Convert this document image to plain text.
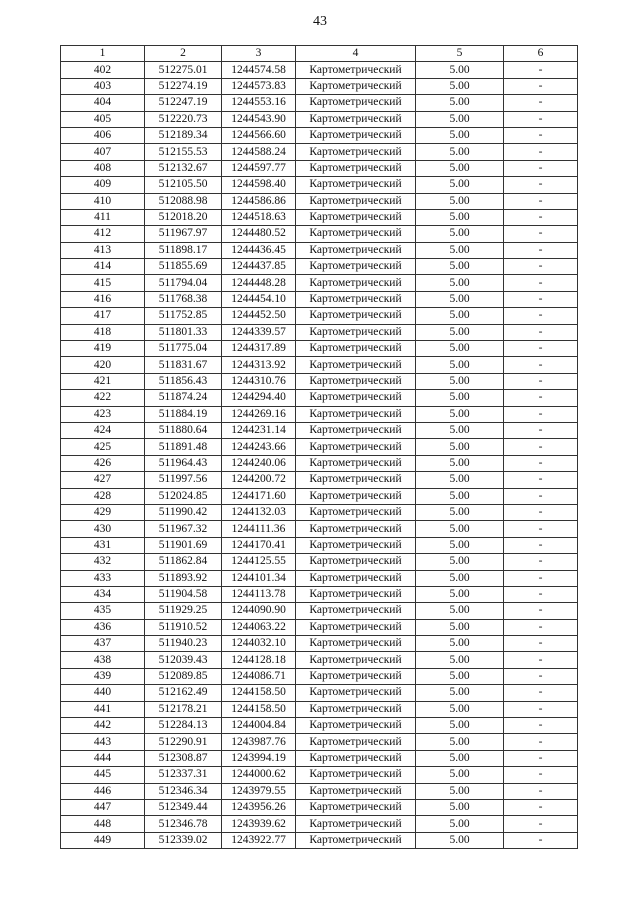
43
1	2	3	4	5	6
402	512275.01	1244574.58	Картометрический	5.00	-
403	512274.19	1244573.83	Картометрический	5.00	-
404	512247.19	1244553.16	Картометрический	5.00	-
405	512220.73	1244543.90	Картометрический	5.00	-
406	512189.34	1244566.60	Картометрический	5.00	-
407	512155.53	1244588.24	Картометрический	5.00	-
408	512132.67	1244597.77	Картометрический	5.00	-
409	512105.50	1244598.40	Картометрический	5.00	-
410	512088.98	1244586.86	Картометрический	5.00	-
411	512018.20	1244518.63	Картометрический	5.00	-
412	511967.97	1244480.52	Картометрический	5.00	-
413	511898.17	1244436.45	Картометрический	5.00	-
414	511855.69	1244437.85	Картометрический	5.00	-
415	511794.04	1244448.28	Картометрический	5.00	-
416	511768.38	1244454.10	Картометрический	5.00	-
417	511752.85	1244452.50	Картометрический	5.00	-
418	511801.33	1244339.57	Картометрический	5.00	-
419	511775.04	1244317.89	Картометрический	5.00	-
420	511831.67	1244313.92	Картометрический	5.00	-
421	511856.43	1244310.76	Картометрический	5.00	-
422	511874.24	1244294.40	Картометрический	5.00	-
423	511884.19	1244269.16	Картометрический	5.00	-
424	511880.64	1244231.14	Картометрический	5.00	-
425	511891.48	1244243.66	Картометрический	5.00	-
426	511964.43	1244240.06	Картометрический	5.00	-
427	511997.56	1244200.72	Картометрический	5.00	-
428	512024.85	1244171.60	Картометрический	5.00	-
429	511990.42	1244132.03	Картометрический	5.00	-
430	511967.32	1244111.36	Картометрический	5.00	-
431	511901.69	1244170.41	Картометрический	5.00	-
432	511862.84	1244125.55	Картометрический	5.00	-
433	511893.92	1244101.34	Картометрический	5.00	-
434	511904.58	1244113.78	Картометрический	5.00	-
435	511929.25	1244090.90	Картометрический	5.00	-
436	511910.52	1244063.22	Картометрический	5.00	-
437	511940.23	1244032.10	Картометрический	5.00	-
438	512039.43	1244128.18	Картометрический	5.00	-
439	512089.85	1244086.71	Картометрический	5.00	-
440	512162.49	1244158.50	Картометрический	5.00	-
441	512178.21	1244158.50	Картометрический	5.00	-
442	512284.13	1244004.84	Картометрический	5.00	-
443	512290.91	1243987.76	Картометрический	5.00	-
444	512308.87	1243994.19	Картометрический	5.00	-
445	512337.31	1244000.62	Картометрический	5.00	-
446	512346.34	1243979.55	Картометрический	5.00	-
447	512349.44	1243956.26	Картометрический	5.00	-
448	512346.78	1243939.62	Картометрический	5.00	-
449	512339.02	1243922.77	Картометрический	5.00	-
